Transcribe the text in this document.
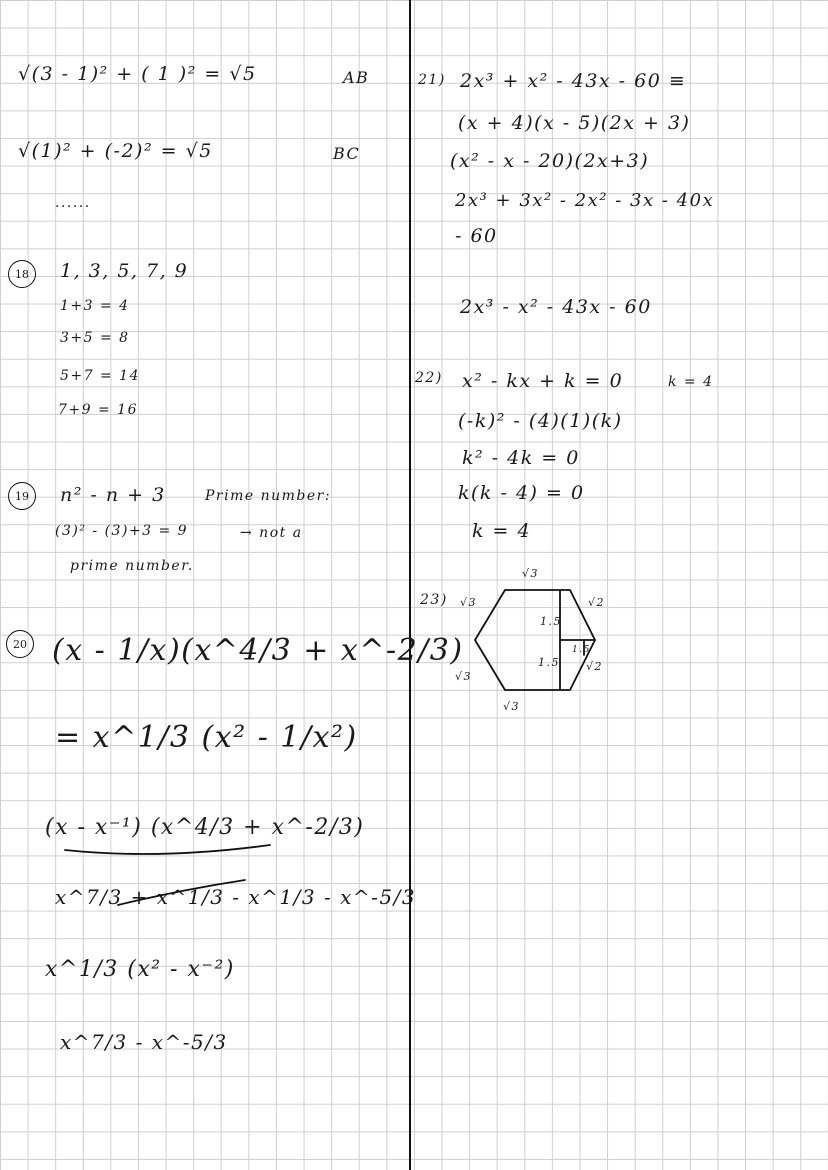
√(3 - 1)² + ( 1 )² = √5	AB
√(1)² + (-2)² = √5	BC
......
18	1, 3, 5, 7, 9
1+3 = 4
3+5 = 8
5+7 = 14
7+9 = 16
19	n² - n + 3	Prime number:
(3)² - (3)+3 = 9	→ not a
prime number.
20 (x - 1/x)(x^4/3 + x^-2/3)
= x^1/3 (x² - 1/x²)
(x - x⁻¹) (x^4/3 + x^-2/3)
x^7/3 + x^1/3 - x^1/3 - x^-5/3
x^1/3 (x² - x⁻²)
x^7/3 - x^-5/3
21) 2x³ + x² - 43x - 60 ≡
(x + 4)(x - 5)(2x + 3)
(x² - x - 20)(2x+3)
2x³ + 3x² - 2x² - 3x - 40x
- 60
2x³ - x² - 43x - 60
22) x² - kx + k = 0	k = 4
(-k)² - (4)(1)(k)
k² - 4k = 0
k(k - 4) = 0
k = 4
23)
√3
√3	√2
√3
√2
√3
1.5
1.5
1.5
